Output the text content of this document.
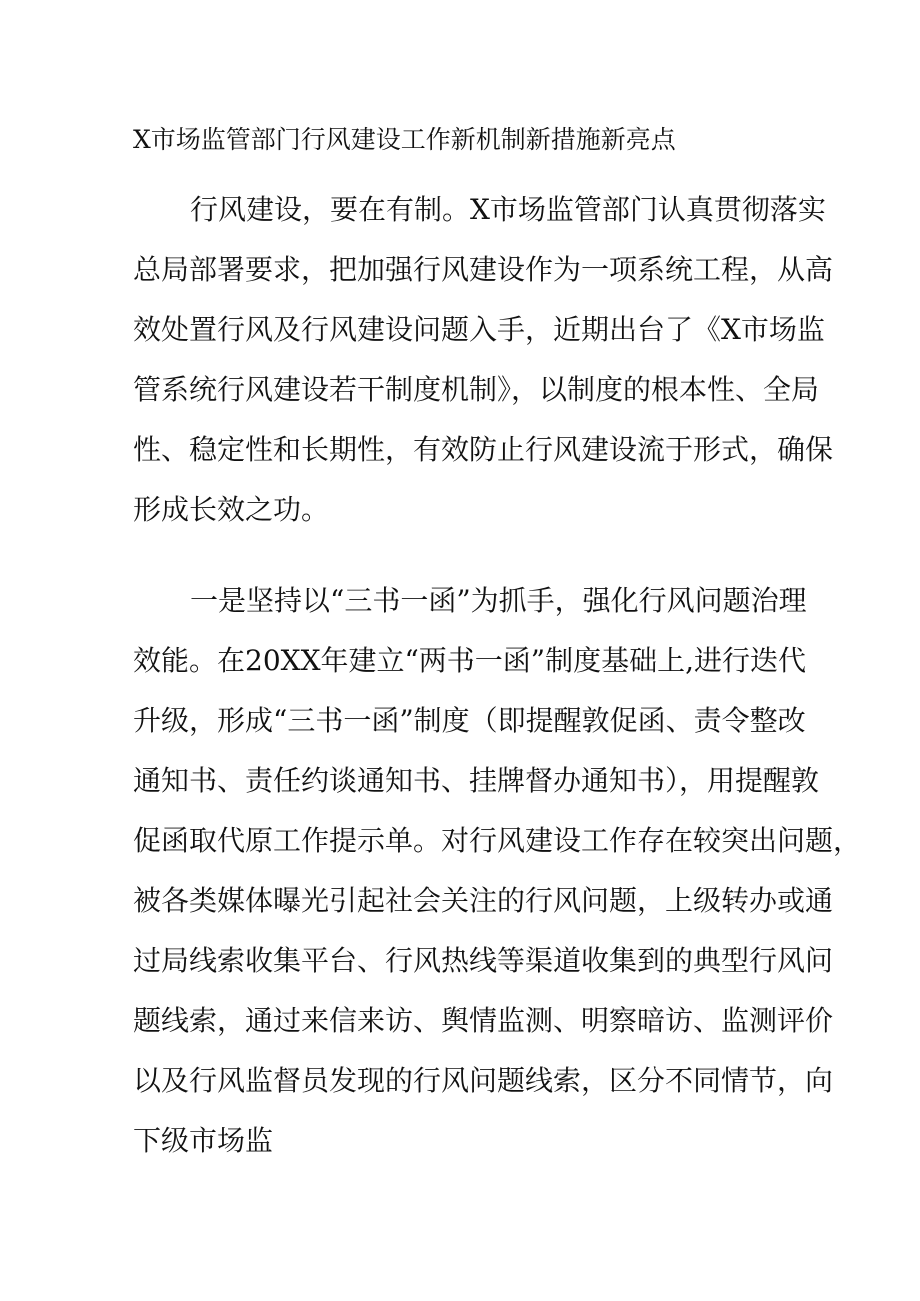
X市场监管部门行风建设工作新机制新措施新亮点
行风建设，要在有制。X市场监管部门认真贯彻落实
总局部署要求，把加强行风建设作为一项系统工程，从高
效处置行风及行风建设问题入手，近期出台了《X市场监
管系统行风建设若干制度机制》，以制度的根本性、全局
性、稳定性和长期性，有效防止行风建设流于形式，确保
形成长效之功。
一是坚持以“三书一函”为抓手，强化行风问题治理
效能。在20XX年建立“两书一函”制度基础上,进行迭代
升级，形成“三书一函”制度（即提醒敦促函、责令整改
通知书、责任约谈通知书、挂牌督办通知书），用提醒敦
促函取代原工作提示单。对行风建设工作存在较突出问题，
被各类媒体曝光引起社会关注的行风问题，上级转办或通
过局线索收集平台、行风热线等渠道收集到的典型行风问
题线索，通过来信来访、舆情监测、明察暗访、监测评价
以及行风监督员发现的行风问题线索，区分不同情节，向
下级市场监
